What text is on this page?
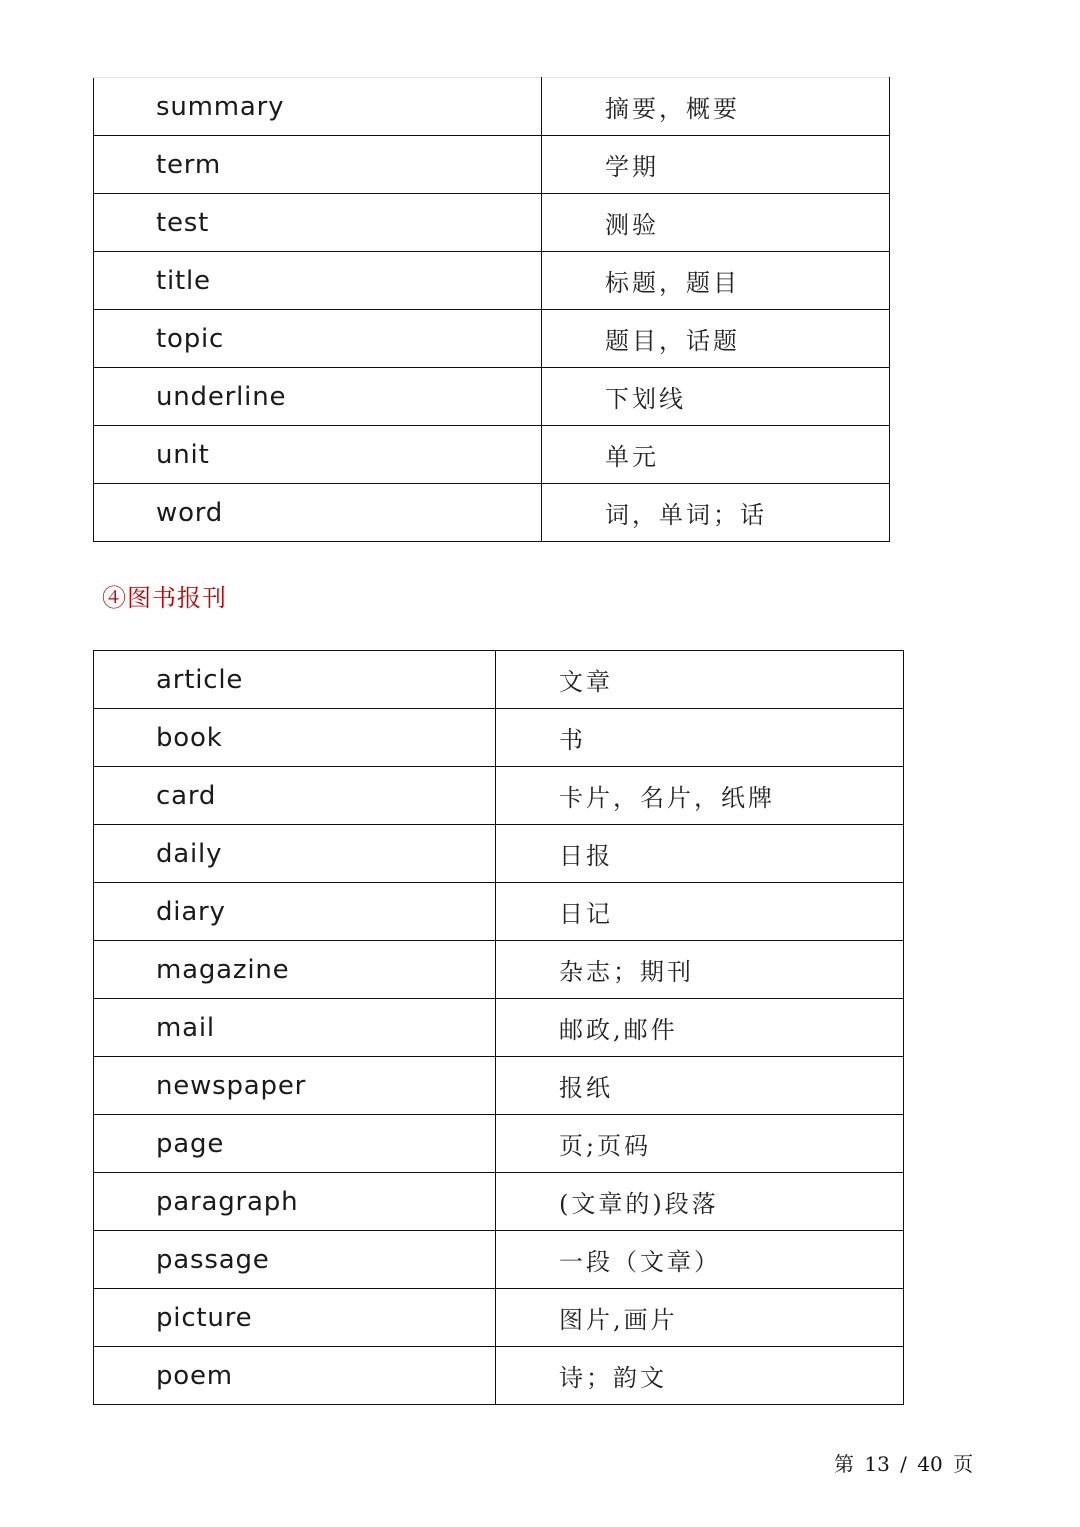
summary	摘要，概要
term	学期
test	测验
title	标题，题目
topic	题目，话题
underline	下划线
unit	单元
word	词，单词；话
④图书报刊
article	文章
book	书
card	卡片，名片，纸牌
daily	日报
diary	日记
magazine	杂志；期刊
mail	邮政,邮件
newspaper	报纸
page	页;页码
paragraph	(文章的)段落
passage	一段（文章）
picture	图片,画片
poem	诗；韵文
第 13 / 40 页
